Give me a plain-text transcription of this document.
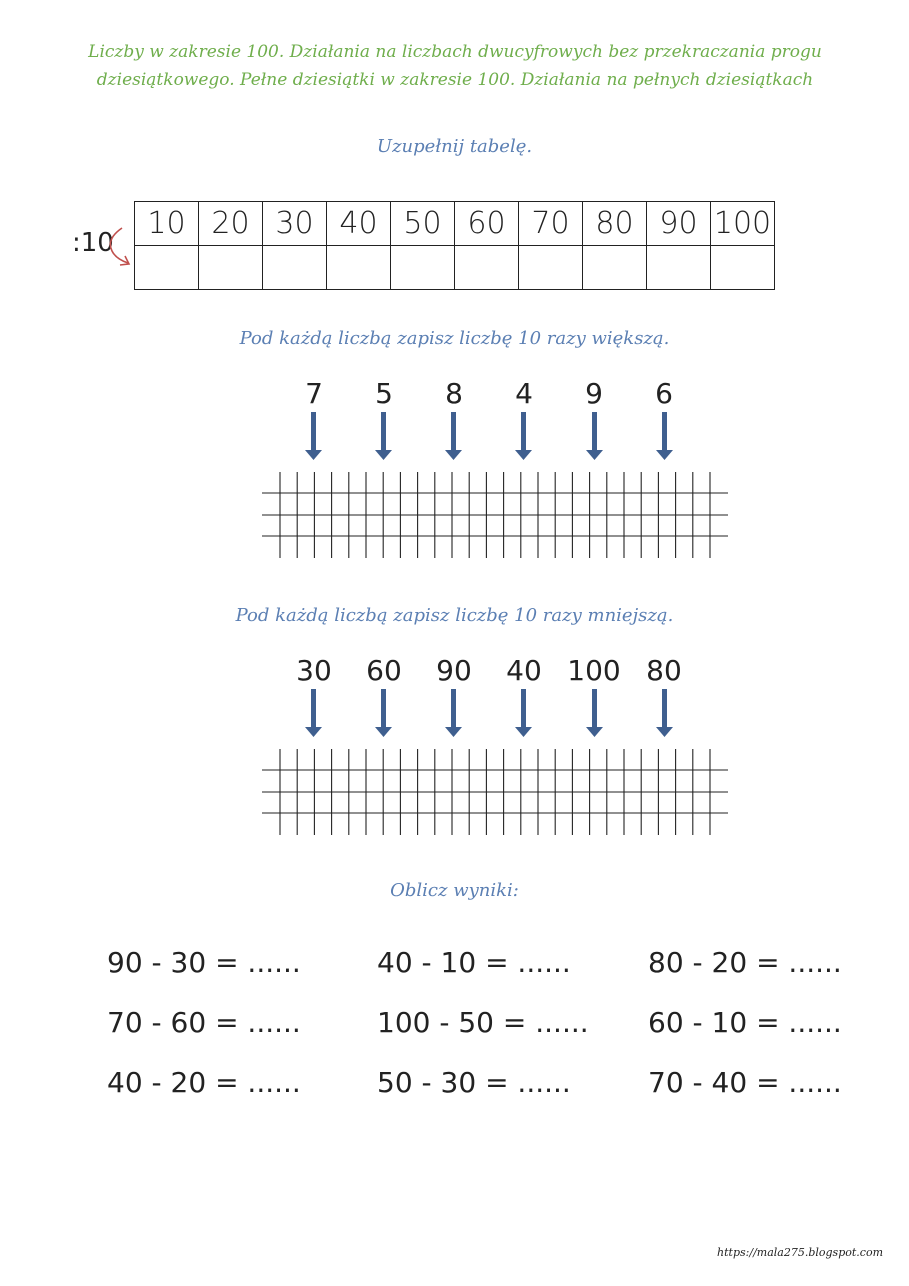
Liczby w zakresie 100. Działania na liczbach dwucyfrowych bez przekraczania progu
dziesiątkowego. Pełne dziesiątki w zakresie 100. Działania na pełnych dziesiątkach
Uzupełnij tabelę.
:10
10	20	30	40	50	60	70	80	90	100

Pod każdą liczbą zapisz liczbę 10 razy większą.
7	5	8	4	9	6
Pod każdą liczbą zapisz liczbę 10 razy mniejszą.
30	60	90	40 100 80
Oblicz wyniki:
90 - 30 = ......	40 - 10 = ......	80 - 20 = ......
70 - 60 = ......	100 - 50 = ...... 60 - 10 = ......
40 - 20 = ......	50 - 30 = ......	70 - 40 = ......
https://mala275.blogspot.com
